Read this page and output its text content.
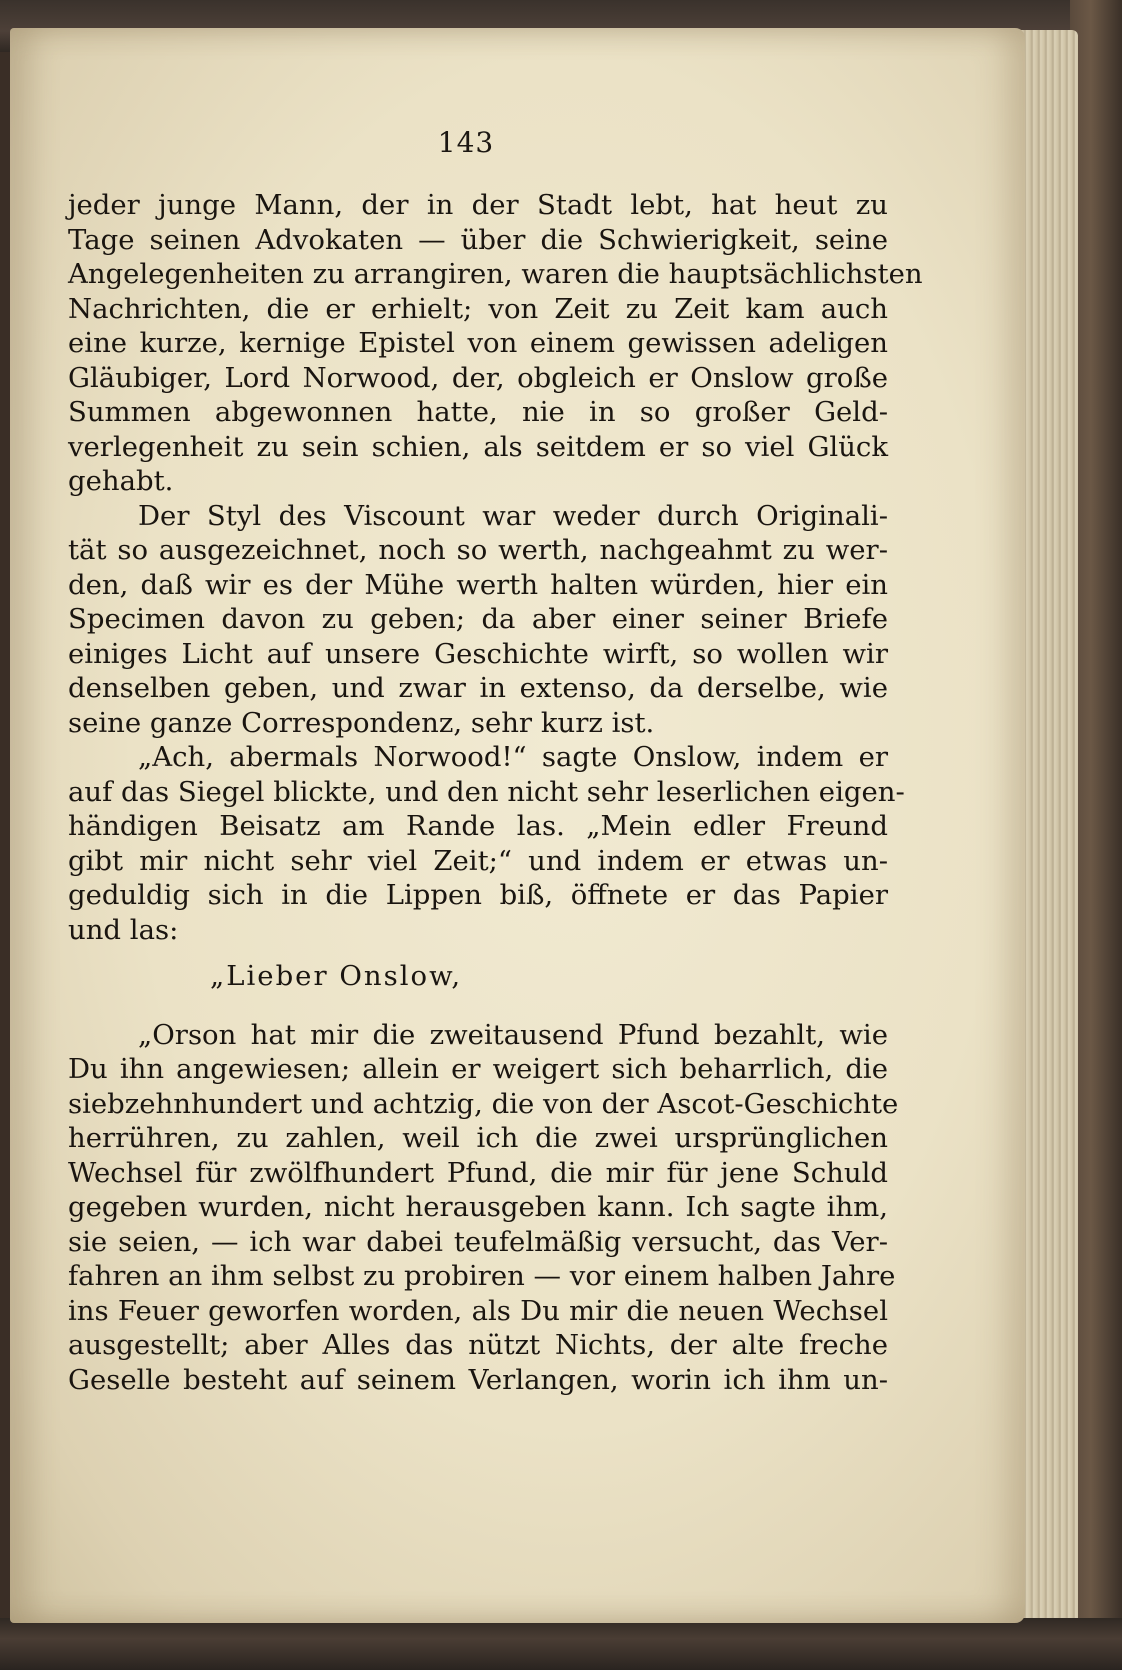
143
jeder junge Mann, der in der Stadt lebt, hat heut zu
Tage seinen Advokaten — über die Schwierigkeit, seine
Angelegenheiten zu arrangiren, waren die hauptsächlichsten
Nachrichten, die er erhielt; von Zeit zu Zeit kam auch
eine kurze, kernige Epistel von einem gewissen adeligen
Gläubiger, Lord Norwood, der, obgleich er Onslow große
Summen abgewonnen hatte, nie in so großer Geld-
verlegenheit zu sein schien, als seitdem er so viel Glück
gehabt.
Der Styl des Viscount war weder durch Originali-
tät so ausgezeichnet, noch so werth, nachgeahmt zu wer-
den, daß wir es der Mühe werth halten würden, hier ein
Specimen davon zu geben; da aber einer seiner Briefe
einiges Licht auf unsere Geschichte wirft, so wollen wir
denselben geben, und zwar in extenso, da derselbe, wie
seine ganze Correspondenz, sehr kurz ist.
„Ach, abermals Norwood!“ sagte Onslow, indem er
auf das Siegel blickte, und den nicht sehr leserlichen eigen-
händigen Beisatz am Rande las. „Mein edler Freund
gibt mir nicht sehr viel Zeit;“ und indem er etwas un-
geduldig sich in die Lippen biß, öffnete er das Papier
und las:
„Lieber Onslow,
„Orson hat mir die zweitausend Pfund bezahlt, wie
Du ihn angewiesen; allein er weigert sich beharrlich, die
siebzehnhundert und achtzig, die von der Ascot-Geschichte
herrühren, zu zahlen, weil ich die zwei ursprünglichen
Wechsel für zwölfhundert Pfund, die mir für jene Schuld
gegeben wurden, nicht herausgeben kann. Ich sagte ihm,
sie seien, — ich war dabei teufelmäßig versucht, das Ver-
fahren an ihm selbst zu probiren — vor einem halben Jahre
ins Feuer geworfen worden, als Du mir die neuen Wechsel
ausgestellt; aber Alles das nützt Nichts, der alte freche
Geselle besteht auf seinem Verlangen, worin ich ihm un-
